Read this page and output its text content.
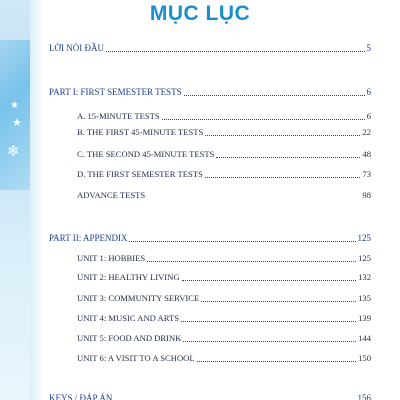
★
★
❄
MỤC LỤC
LỜI NÓI ĐẦU	5
PART I: FIRST SEMESTER TESTS	6
A. 15-MINUTE TESTS	6
B. THE FIRST 45-MINUTE TESTS	22
C. THE SECOND 45-MINUTE TESTS	48
D. THE FIRST SEMESTER TESTS	73
ADVANCE TESTS	98
PART II: APPENDIX	125
UNIT 1: HOBBIES	125
UNIT 2: HEALTHY LIVING	132
UNIT 3: COMMUNITY SERVICE	135
UNIT 4: MUSIC AND ARTS	139
UNIT 5: FOOD AND DRINK	144
UNIT 6: A VISIT TO A SCHOOL	150
KEYS / ĐÁP ÁN	156
